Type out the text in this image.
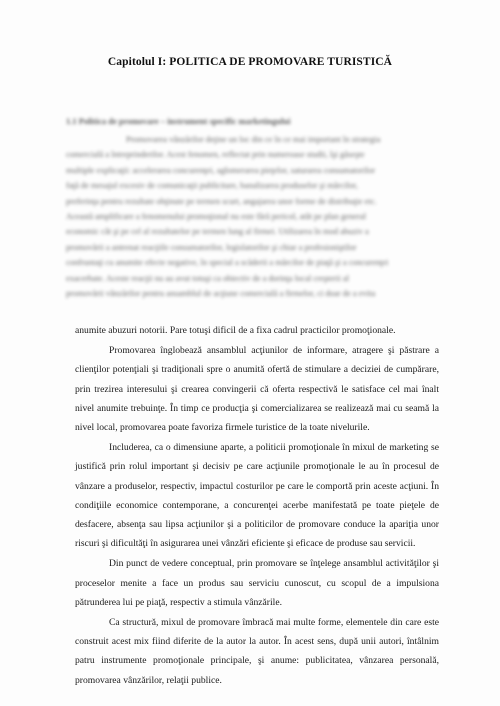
Capitolul I: POLITICA DE PROMOVARE TURISTICĂ
1.1 Politica de promovare – instrument specific marketingului
Promovarea vânzărilor deţine un loc din ce în ce mai important în strategia
comercială a întreprinderilor. Acest fenomen, reflectat prin numeroase studii, îşi găseşte
multiple explicaţii: accelerarea concurenţei, aglomerarea pieţelor, saturarea consumatorilor
faţă de mesajul excesiv de comunicaţii publicitare, banalizarea produselor şi mărcilor,
preferinţa pentru rezultate obţinute pe termen scurt, angajarea unor forme de distribuţie etc.
Această amplificare a fenomenului promoţional nu este fără pericol, atât pe plan general
economic cât şi pe cel al rezultatelor pe termen lung al firmei. Utilizarea în mod abuziv a
promovării a antrenat reacţiile consumatorilor, legislatorilor şi chiar a profesioniştilor
confruntaţi cu anumite efecte negative, în special a scăderii a mărcilor de piaţă şi a concurenţei
exacerbate. Aceste reacţii nu au avut totuşi ca obiectiv de a dorinţa local creşterii al
promovării vânzărilor pentru ansamblul de acţiune comercială a firmelor, ci doar de a evita

anumite abuzuri notorii. Pare totuşi dificil de a fixa cadrul practicilor promoţionale.

Promovarea înglobează ansamblul acţiunilor de informare, atragere şi păstrare a clienţilor potenţiali şi tradiţionali spre o anumită ofertă de stimulare a deciziei de cumpărare, prin trezirea interesului şi crearea convingerii că oferta respectivă le satisface cel mai înalt nivel anumite trebuinţe. În timp ce producţia şi comercializarea se realizează mai cu seamă la nivel local, promovarea poate favoriza firmele turistice de la toate nivelurile.

Includerea, ca o dimensiune aparte, a politicii promoţionale în mixul de marketing se justifică prin rolul important şi decisiv pe care acţiunile promoţionale le au în procesul de vânzare a produselor, respectiv, impactul costurilor pe care le comportă prin aceste acţiuni. În condiţiile economice contemporane, a concurenţei acerbe manifestată pe toate pieţele de desfacere, absenţa sau lipsa acţiunilor şi a politicilor de promovare conduce la apariţia unor riscuri şi dificultăţi în asigurarea unei vânzări eficiente şi eficace de produse sau servicii.

Din punct de vedere conceptual, prin promovare se înţelege ansamblul activităţilor şi proceselor menite a face un produs sau serviciu cunoscut, cu scopul de a impulsiona pătrunderea lui pe piaţă, respectiv a stimula vânzările.

Ca structură, mixul de promovare îmbracă mai multe forme, elementele din care este construit acest mix fiind diferite de la autor la autor. În acest sens, după unii autori, întâlnim patru instrumente promoţionale principale, şi anume: publicitatea, vânzarea personală, promovarea vânzărilor, relaţii publice.
